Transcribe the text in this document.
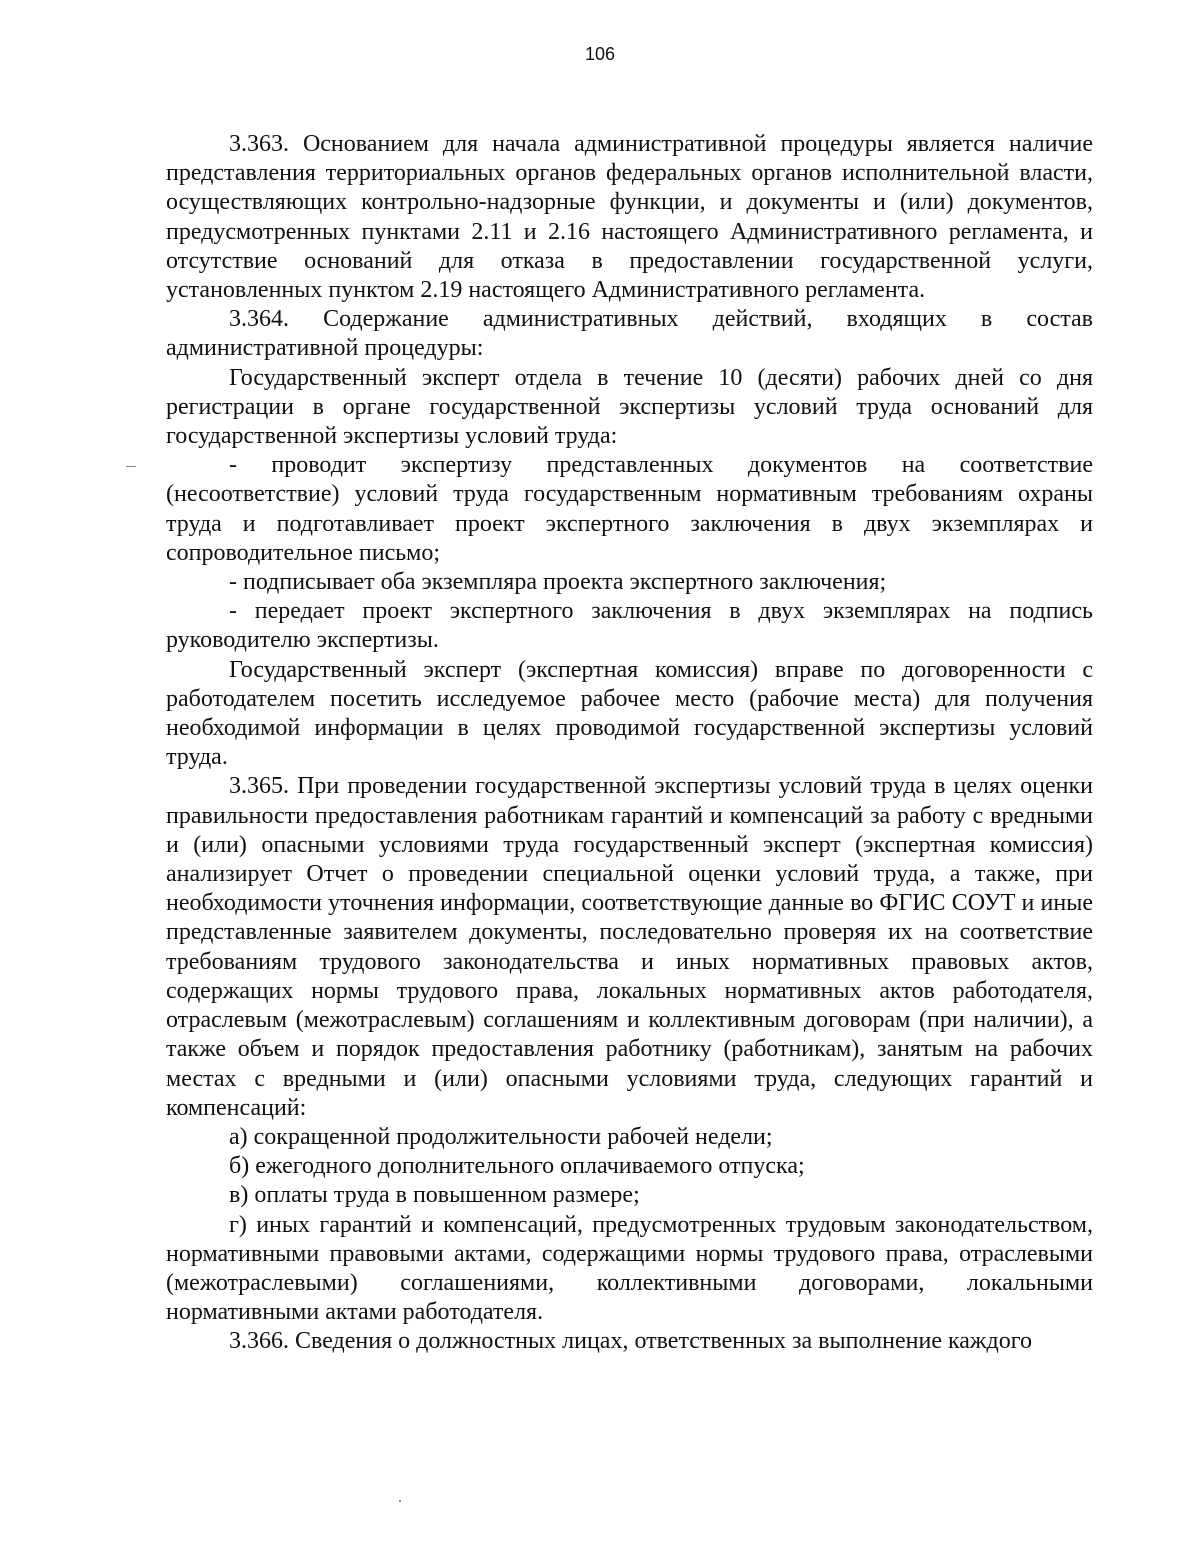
106

3.363. Основанием для начала административной процедуры является наличие представления территориальных органов федеральных органов исполнительной власти, осуществляющих контрольно-надзорные функции, и документы и (или) документов, предусмотренных пунктами 2.11 и 2.16 настоящего Административного регламента, и отсутствие оснований для отказа в предоставлении государственной услуги, установленных пунктом 2.19 настоящего Административного регламента.

3.364. Содержание административных действий, входящих в состав административной процедуры:

Государственный эксперт отдела в течение 10 (десяти) рабочих дней со дня регистрации в органе государственной экспертизы условий труда оснований для государственной экспертизы условий труда:

- проводит экспертизу представленных документов на соответствие (несоответствие) условий труда государственным нормативным требованиям охраны труда и подготавливает проект экспертного заключения в двух экземплярах и сопроводительное письмо;

- подписывает оба экземпляра проекта экспертного заключения;

- передает проект экспертного заключения в двух экземплярах на подпись руководителю экспертизы.

Государственный эксперт (экспертная комиссия) вправе по договоренности с работодателем посетить исследуемое рабочее место (рабочие места) для получения необходимой информации в целях проводимой государственной экспертизы условий труда.

3.365. При проведении государственной экспертизы условий труда в целях оценки правильности предоставления работникам гарантий и компенсаций за работу с вредными и (или) опасными условиями труда государственный эксперт (экспертная комиссия) анализирует Отчет о проведении специальной оценки условий труда, а также, при необходимости уточнения информации, соответствующие данные во ФГИС СОУТ и иные представленные заявителем документы, последовательно проверяя их на соответствие требованиям трудового законодательства и иных нормативных правовых актов, содержащих нормы трудового права, локальных нормативных актов работодателя, отраслевым (межотраслевым) соглашениям и коллективным договорам (при наличии), а также объем и порядок предоставления работнику (работникам), занятым на рабочих местах с вредными и (или) опасными условиями труда, следующих гарантий и компенсаций:

а) сокращенной продолжительности рабочей недели;

б) ежегодного дополнительного оплачиваемого отпуска;

в) оплаты труда в повышенном размере;

г) иных гарантий и компенсаций, предусмотренных трудовым законодательством, нормативными правовыми актами, содержащими нормы трудового права, отраслевыми (межотраслевыми) соглашениями, коллективными договорами, локальными нормативными актами работодателя.

3.366. Сведения о должностных лицах, ответственных за выполнение каждого
